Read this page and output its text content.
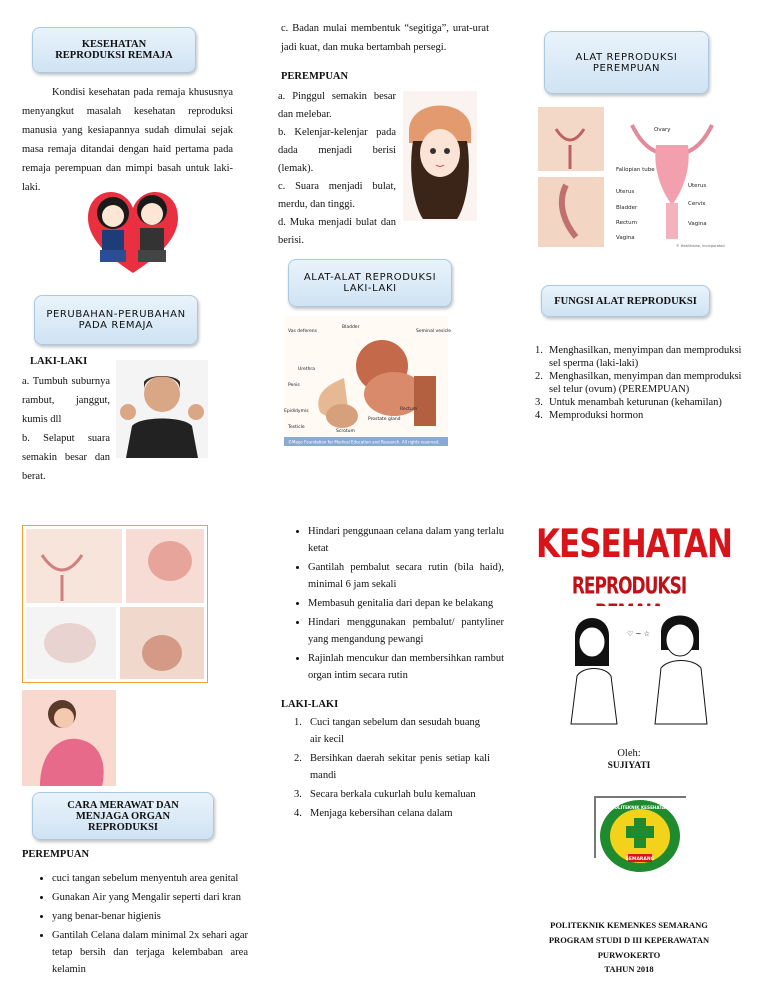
KESEHATAN REPRODUKSI REMAJA
Kondisi kesehatan pada remaja khususnya menyangkut masalah kesehatan reproduksi manusia yang kesiapannya sudah dimulai sejak masa remaja ditandai dengan haid pertama pada remaja perempuan dan mimpi basah untuk laki-laki.
PERUBAHAN-PERUBAHAN PADA REMAJA
LAKI-LAKI
a. Tumbuh suburnya rambut, janggut, kumis dll
b. Selaput suara semakin besar dan berat.
c. Badan mulai membentuk “segitiga”, urat-urat jadi kuat, dan muka bertambah persegi.
PEREMPUAN
a. Pinggul semakin besar dan melebar.
b. Kelenjar-kelenjar pada dada menjadi berisi (lemak).
c. Suara menjadi bulat, merdu, dan tinggi.
d. Muka menjadi bulat dan berisi.
ALAT-ALAT REPRODUKSI LAKI-LAKI
Vas deferens
Bladder
Seminal vesicle
Urethra
Penis
Epididymis
Testicle
Scrotum
Prostate gland
Rectum
©Mayo Foundation for Medical Education and Research. All rights reserved.
ALAT REPRODUKSI PEREMPUAN
Ovary
Fallopian tube
Uterus
Bladder
Rectum
Vagina
Uterus
Cervix
Vagina
© Healthwise, Incorporated
FUNGSI ALAT REPRODUKSI
1. Menghasilkan, menyimpan dan memproduksi sel sperma (laki-laki)
2. Menghasilkan, menyimpan dan memproduksi sel telur (ovum) (PEREMPUAN)
3. Untuk menambah keturunan (kehamilan)
4. Memproduksi hormon
CARA MERAWAT DAN MENJAGA ORGAN REPRODUKSI
PEREMPUAN
• cuci tangan sebelum menyentuh area genital
• Gunakan Air yang Mengalir seperti dari kran
• yang benar-benar higienis
• Gantilah Celana dalam minimal 2x sehari agar tetap bersih dan terjaga kelembaban area kelamin
• Hindari penggunaan celana dalam yang terlalu ketat
• Gantilah pembalut secara rutin (bila haid), minimal 6 jam sekali
• Membasuh genitalia dari depan ke belakang
• Hindari menggunakan pembalut/ pantyliner yang mengandung pewangi
• Rajinlah mencukur dan membersihkan rambut organ intim secara rutin
LAKI-LAKI
1. Cuci tangan sebelum dan sesudah buang air kecil
2. Bersihkan daerah sekitar penis setiap kali mandi
3. Secara berkala cukurlah bulu kemaluan
4. Menjaga kebersihan celana dalam
KESEHATAN
REPRODUKSI
♡ ~ ☆
Oleh:
SUJIYATI
SEMARANG
POLITEKNIK KESEHATAN
POLITEKNIK KEMENKES SEMARANG
PROGRAM STUDI D III KEPERAWATAN
PURWOKERTO
TAHUN 2018
